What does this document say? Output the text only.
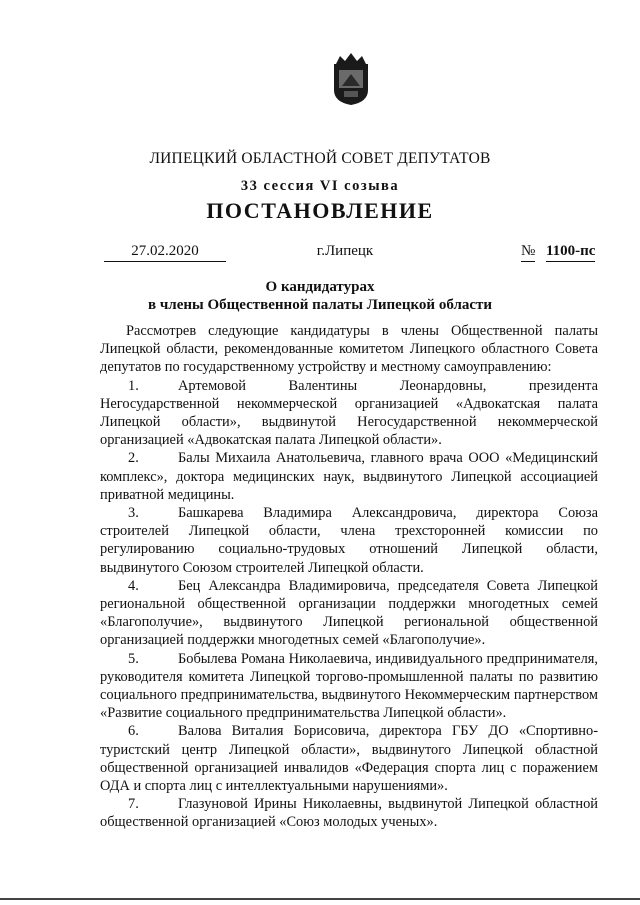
ЛИПЕЦКИЙ ОБЛАСТНОЙ СОВЕТ ДЕПУТАТОВ
33 сессия VI созыва
ПОСТАНОВЛЕНИЕ
27.02.2020	г.Липецк	№ 1100-пс
О кандидатурах
в члены Общественной палаты Липецкой области

Рассмотрев следующие кандидатуры в члены Общественной палаты Липецкой области, рекомендованные комитетом Липецкого областного Совета депутатов по государственному устройству и местному самоуправлению:

1.	Артемовой Валентины Леонардовны, президента Негосударственной некоммерческой организацией «Адвокатская палата Липецкой области», выдвинутой Негосударственной некоммерческой организацией «Адвокатская палата Липецкой области».

2.	Балы Михаила Анатольевича, главного врача ООО «Медицинский комплекс», доктора медицинских наук, выдвинутого Липецкой ассоциацией приватной медицины.

3.	Башкарева Владимира Александровича, директора Союза строителей Липецкой области, члена трехсторонней комиссии по регулированию социально-трудовых отношений Липецкой области, выдвинутого Союзом строителей Липецкой области.

4.	Бец Александра Владимировича, председателя Совета Липецкой региональной общественной организации поддержки многодетных семей «Благополучие», выдвинутого Липецкой региональной общественной организацией поддержки многодетных семей «Благополучие».

5.	Бобылева Романа Николаевича, индивидуального предпринимателя, руководителя комитета Липецкой торгово-промышленной палаты по развитию социального предпринимательства, выдвинутого Некоммерческим партнерством «Развитие социального предпринимательства Липецкой области».

6.	Валова Виталия Борисовича, директора ГБУ ДО «Спортивно-туристский центр Липецкой области», выдвинутого Липецкой областной общественной организацией инвалидов «Федерация спорта лиц с поражением ОДА и спорта лиц с интеллектуальными нарушениями».

7.	Глазуновой Ирины Николаевны, выдвинутой Липецкой областной общественной организацией «Союз молодых ученых».
